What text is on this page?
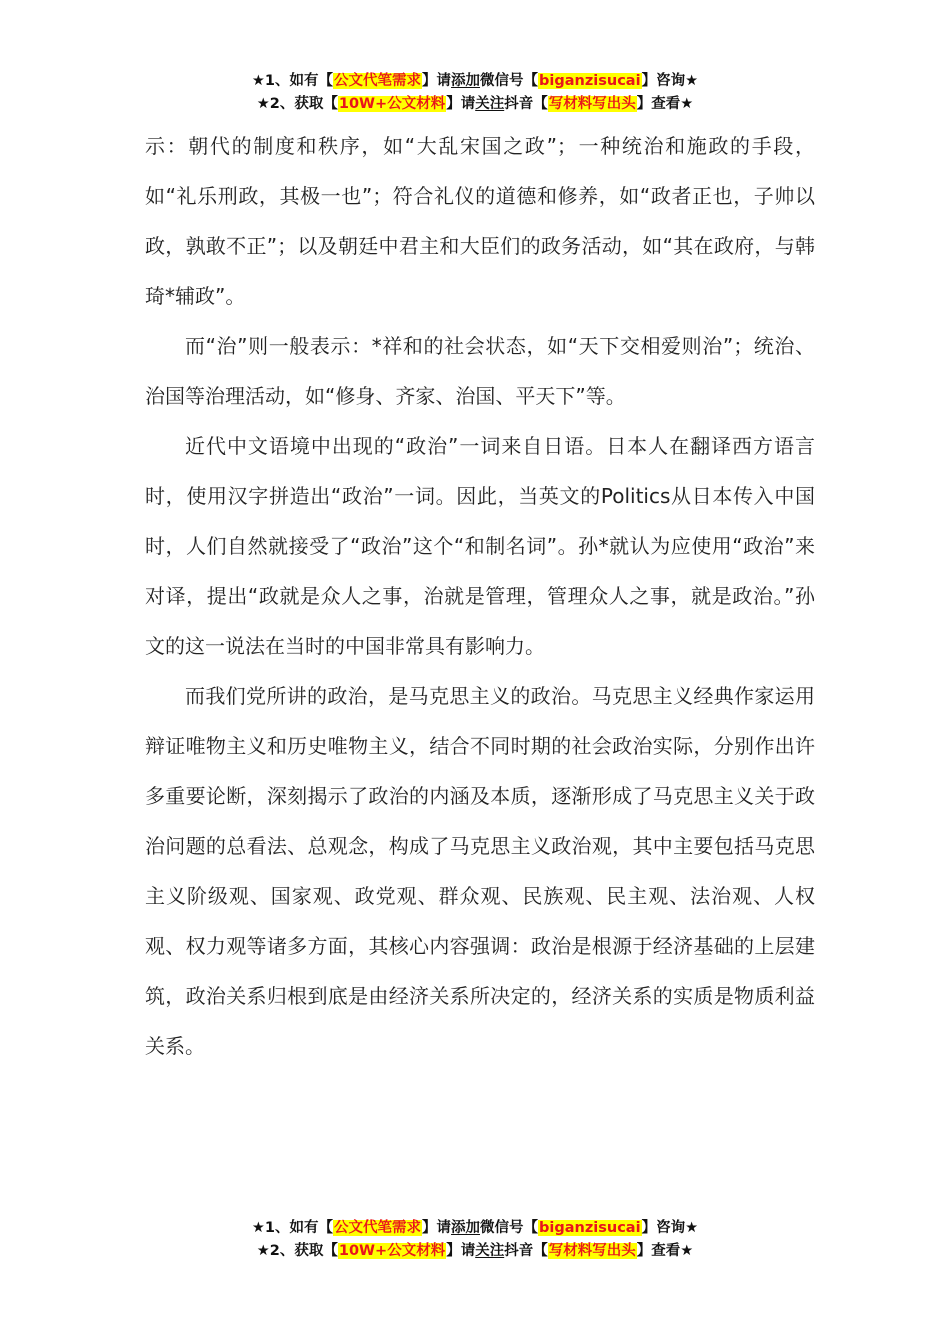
★1、如有【公文代笔需求】请添加微信号【biganzisucai】咨询★
★2、获取【10W+公文材料】请关注抖音【写材料写出头】查看★

示：朝代的制度和秩序，如“大乱宋国之政”；一种统治和施政的手段，如“礼乐刑政，其极一也”；符合礼仪的道德和修养，如“政者正也，子帅以政，孰敢不正”；以及朝廷中君主和大臣们的政务活动，如“其在政府，与韩琦*辅政”。

而“治”则一般表示：*祥和的社会状态，如“天下交相爱则治”；统治、治国等治理活动，如“修身、齐家、治国、平天下”等。

近代中文语境中出现的“政治”一词来自日语。日本人在翻译西方语言时，使用汉字拼造出“政治”一词。因此，当英文的Politics从日本传入中国时，人们自然就接受了“政治”这个“和制名词”。孙*就认为应使用“政治”来对译，提出“政就是众人之事，治就是管理，管理众人之事，就是政治。”孙文的这一说法在当时的中国非常具有影响力。

而我们党所讲的政治，是马克思主义的政治。马克思主义经典作家运用辩证唯物主义和历史唯物主义，结合不同时期的社会政治实际，分别作出许多重要论断，深刻揭示了政治的内涵及本质，逐渐形成了马克思主义关于政治问题的总看法、总观念，构成了马克思主义政治观，其中主要包括马克思主义阶级观、国家观、政党观、群众观、民族观、民主观、法治观、人权观、权力观等诸多方面，其核心内容强调：政治是根源于经济基础的上层建筑，政治关系归根到底是由经济关系所决定的，经济关系的实质是物质利益关系。

★1、如有【公文代笔需求】请添加微信号【biganzisucai】咨询★
★2、获取【10W+公文材料】请关注抖音【写材料写出头】查看★
